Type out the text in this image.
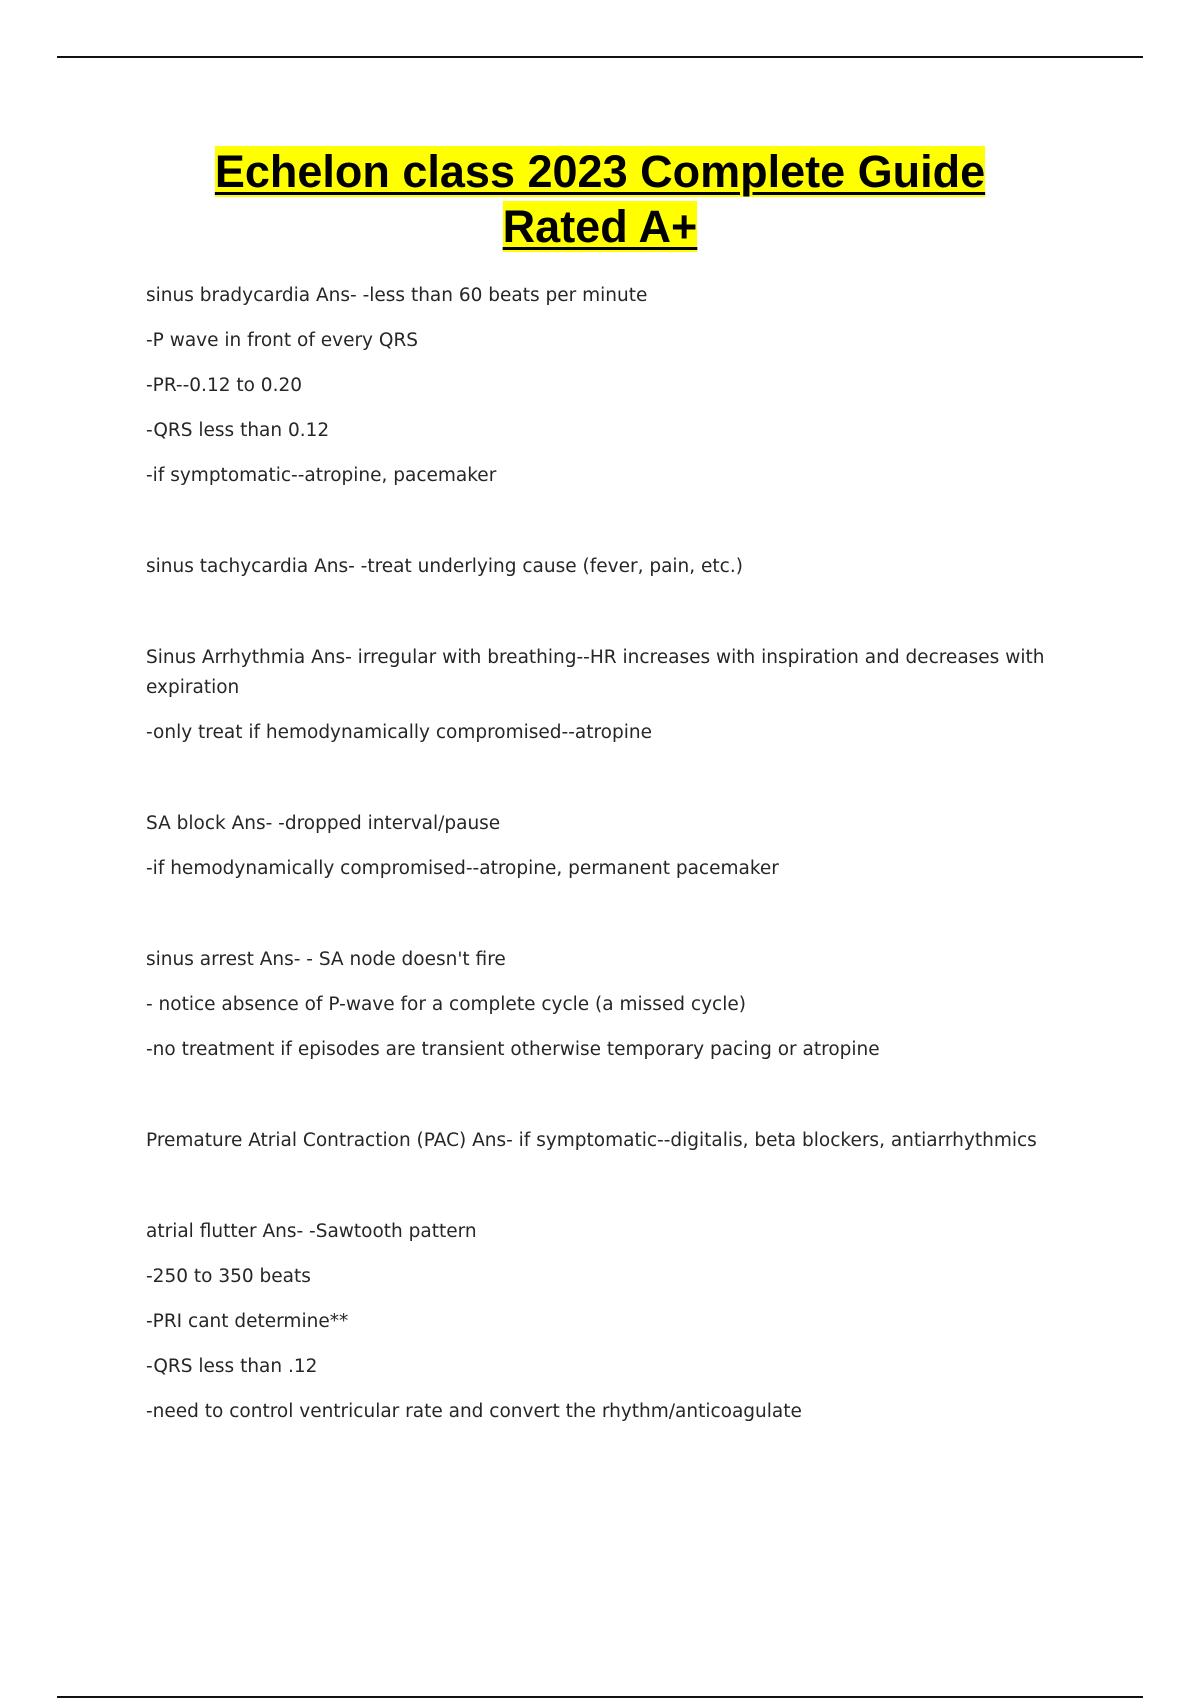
Echelon class 2023 Complete Guide
Rated A+

sinus bradycardia Ans- -less than 60 beats per minute

-P wave in front of every QRS

-PR--0.12 to 0.20

-QRS less than 0.12

-if symptomatic--atropine, pacemaker

sinus tachycardia Ans- -treat underlying cause (fever, pain, etc.)

Sinus Arrhythmia Ans- irregular with breathing--HR increases with inspiration and decreases with expiration

-only treat if hemodynamically compromised--atropine

SA block Ans- -dropped interval/pause

-if hemodynamically compromised--atropine, permanent pacemaker

sinus arrest Ans- - SA node doesn't fire

- notice absence of P-wave for a complete cycle (a missed cycle)

-no treatment if episodes are transient otherwise temporary pacing or atropine

Premature Atrial Contraction (PAC) Ans- if symptomatic--digitalis, beta blockers, antiarrhythmics

atrial flutter Ans- -Sawtooth pattern

-250 to 350 beats

-PRI cant determine**

-QRS less than .12

-need to control ventricular rate and convert the rhythm/anticoagulate
